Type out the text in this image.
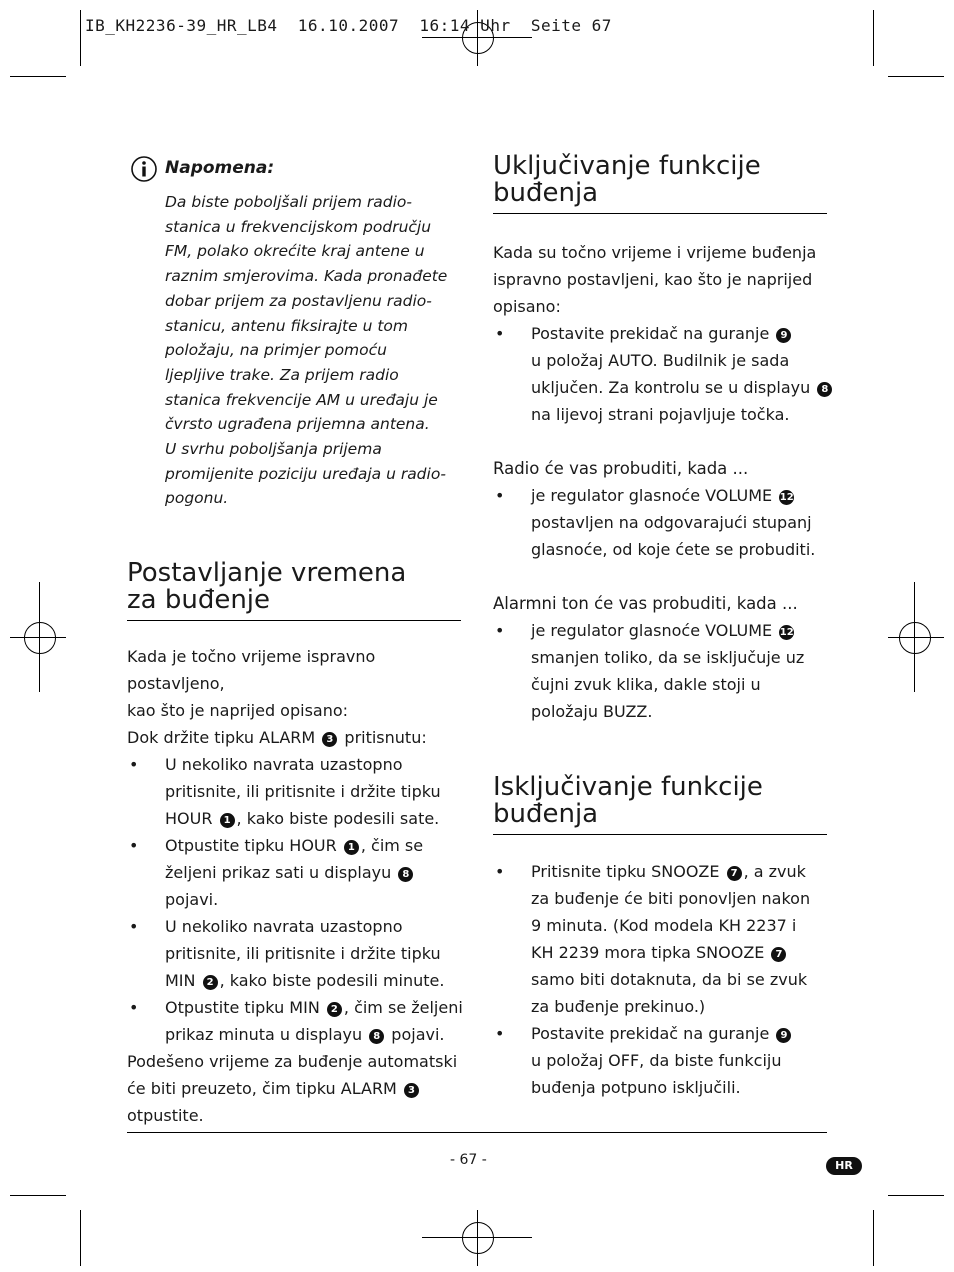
IB_KH2236-39_HR_LB4  16.10.2007  16:14 Uhr  Seite 67
Napomena:
Da biste poboljšali prijem radio-
stanica u frekvencijskom području
FM, polako okrećite kraj antene u
raznim smjerovima. Kada pronađete
dobar prijem za postavljenu radio-
stanicu, antenu fiksirajte u tom
položaju, na primjer pomoću
ljepljive trake. Za prijem radio
stanica frekvencije AM u uređaju je
čvrsto ugrađena prijemna antena.
U svrhu poboljšanja prijema
promijenite poziciju uređaja u radio-
pogonu.
Postavljanje vremena
za buđenje
Kada je točno vrijeme ispravno postavljeno,
kao što je naprijed opisano:
Dok držite tipku ALARM 3 pritisnutu:
• U nekoliko navrata uzastopno
pritisnite, ili pritisnite i držite tipku
HOUR 1 , kako biste podesili sate.
• Otpustite tipku HOUR 1 , čim se
željeni prikaz sati u displayu 8
pojavi.
• U nekoliko navrata uzastopno
pritisnite, ili pritisnite i držite tipku
MIN 2 , kako biste podesili minute.
• Otpustite tipku MIN 2 , čim se željeni
prikaz minuta u displayu 8 pojavi.
Podešeno vrijeme za buđenje automatski
će biti preuzeto, čim tipku ALARM 3
otpustite.
Uključivanje funkcije
buđenja
Kada su točno vrijeme i vrijeme buđenja
ispravno postavljeni, kao što je naprijed
opisano:
• Postavite prekidač na guranje 9
u položaj AUTO. Budilnik je sada
uključen. Za kontrolu se u displayu 8
na lijevoj strani pojavljuje točka.
Radio će vas probuditi, kada ...
• je regulator glasnoće VOLUME 12
postavljen na odgovarajući stupanj
glasnoće, od koje ćete se probuditi.
Alarmni ton će vas probuditi, kada ...
• je regulator glasnoće VOLUME 12
smanjen toliko, da se isključuje uz
čujni zvuk klika, dakle stoji u
položaju BUZZ.
Isključivanje funkcije
buđenja
• Pritisnite tipku SNOOZE 7 , a zvuk
za buđenje će biti ponovljen nakon
9 minuta. (Kod modela KH 2237 i
KH 2239 mora tipka SNOOZE 7
samo biti dotaknuta, da bi se zvuk
za buđenje prekinuo.)
• Postavite prekidač na guranje 9
u položaj OFF, da biste funkciju
buđenja potpuno isključili.
- 67 -	HR
